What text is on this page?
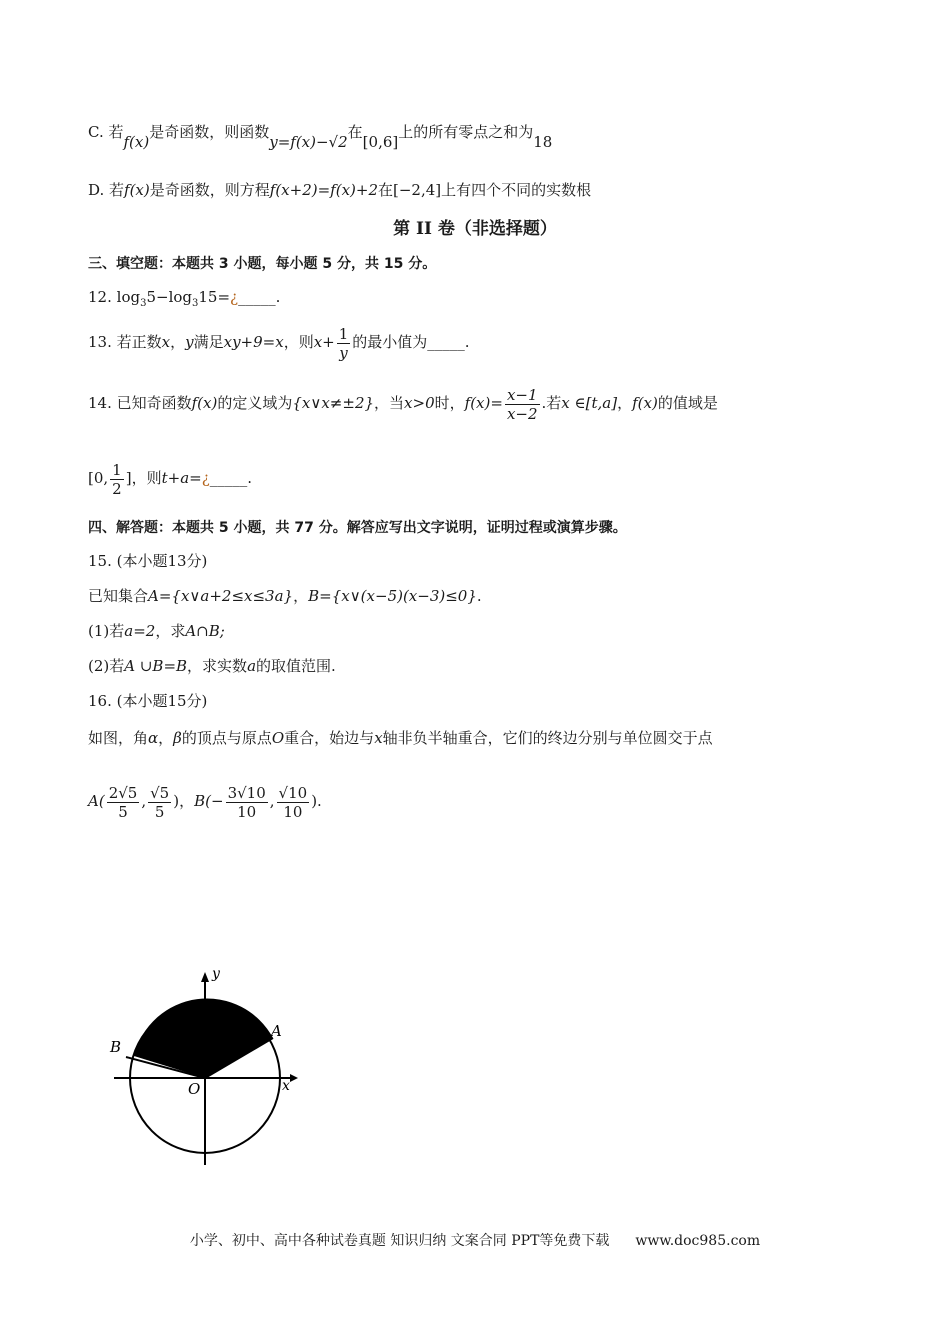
C. 若f(x)是奇函数，则函数y=f(x)−√2在[0,6]上的所有零点之和为18
D. 若f(x)是奇函数，则方程f(x+2)=f(x)+2在[−2,4]上有四个不同的实数根
第 II 卷（非选择题）
三、填空题：本题共 3 小题，每小题 5 分，共 15 分。
12. $\log_35-\log_315=¿\_\_\_\_\_$.
13. 若正数x，y满足xy+9=x，则$x+ \frac{1}{y}$ 的最小值为_____.
14. 已知奇函数f(x)的定义域为{x∨x≠±2}，当x>0时，$f(x)= \frac{x-1}{x-2}$ .若x ∈[t,a]，f(x)的值域是
[0, $\frac{1}{2}$ ]，则t+a=¿_____.
四、解答题：本题共 5 小题，共 77 分。解答应写出文字说明，证明过程或演算步骤。
15. (本小题13分)
已知集合A={x∨a+2≤x≤3a}，B={x∨(x−5)(x−3)≤0}.
(1)若a=2，求A∩B;
(2)若A ∪B=B，求实数a的取值范围.
16. (本小题15分)
如图，角α，β的顶点与原点O重合，始边与x轴非负半轴重合，它们的终边分别与单位圆交于点
$A( \frac{2√5}{5}$ , $\frac{√5}{5}$ )，$B(- \frac{3√10}{10}$ , $\frac{√10}{10}$ ).
y
x
O
A
B
小学、初中、高中各种试卷真题 知识归纳 文案合同 PPT等免费下载 www.doc985.com
